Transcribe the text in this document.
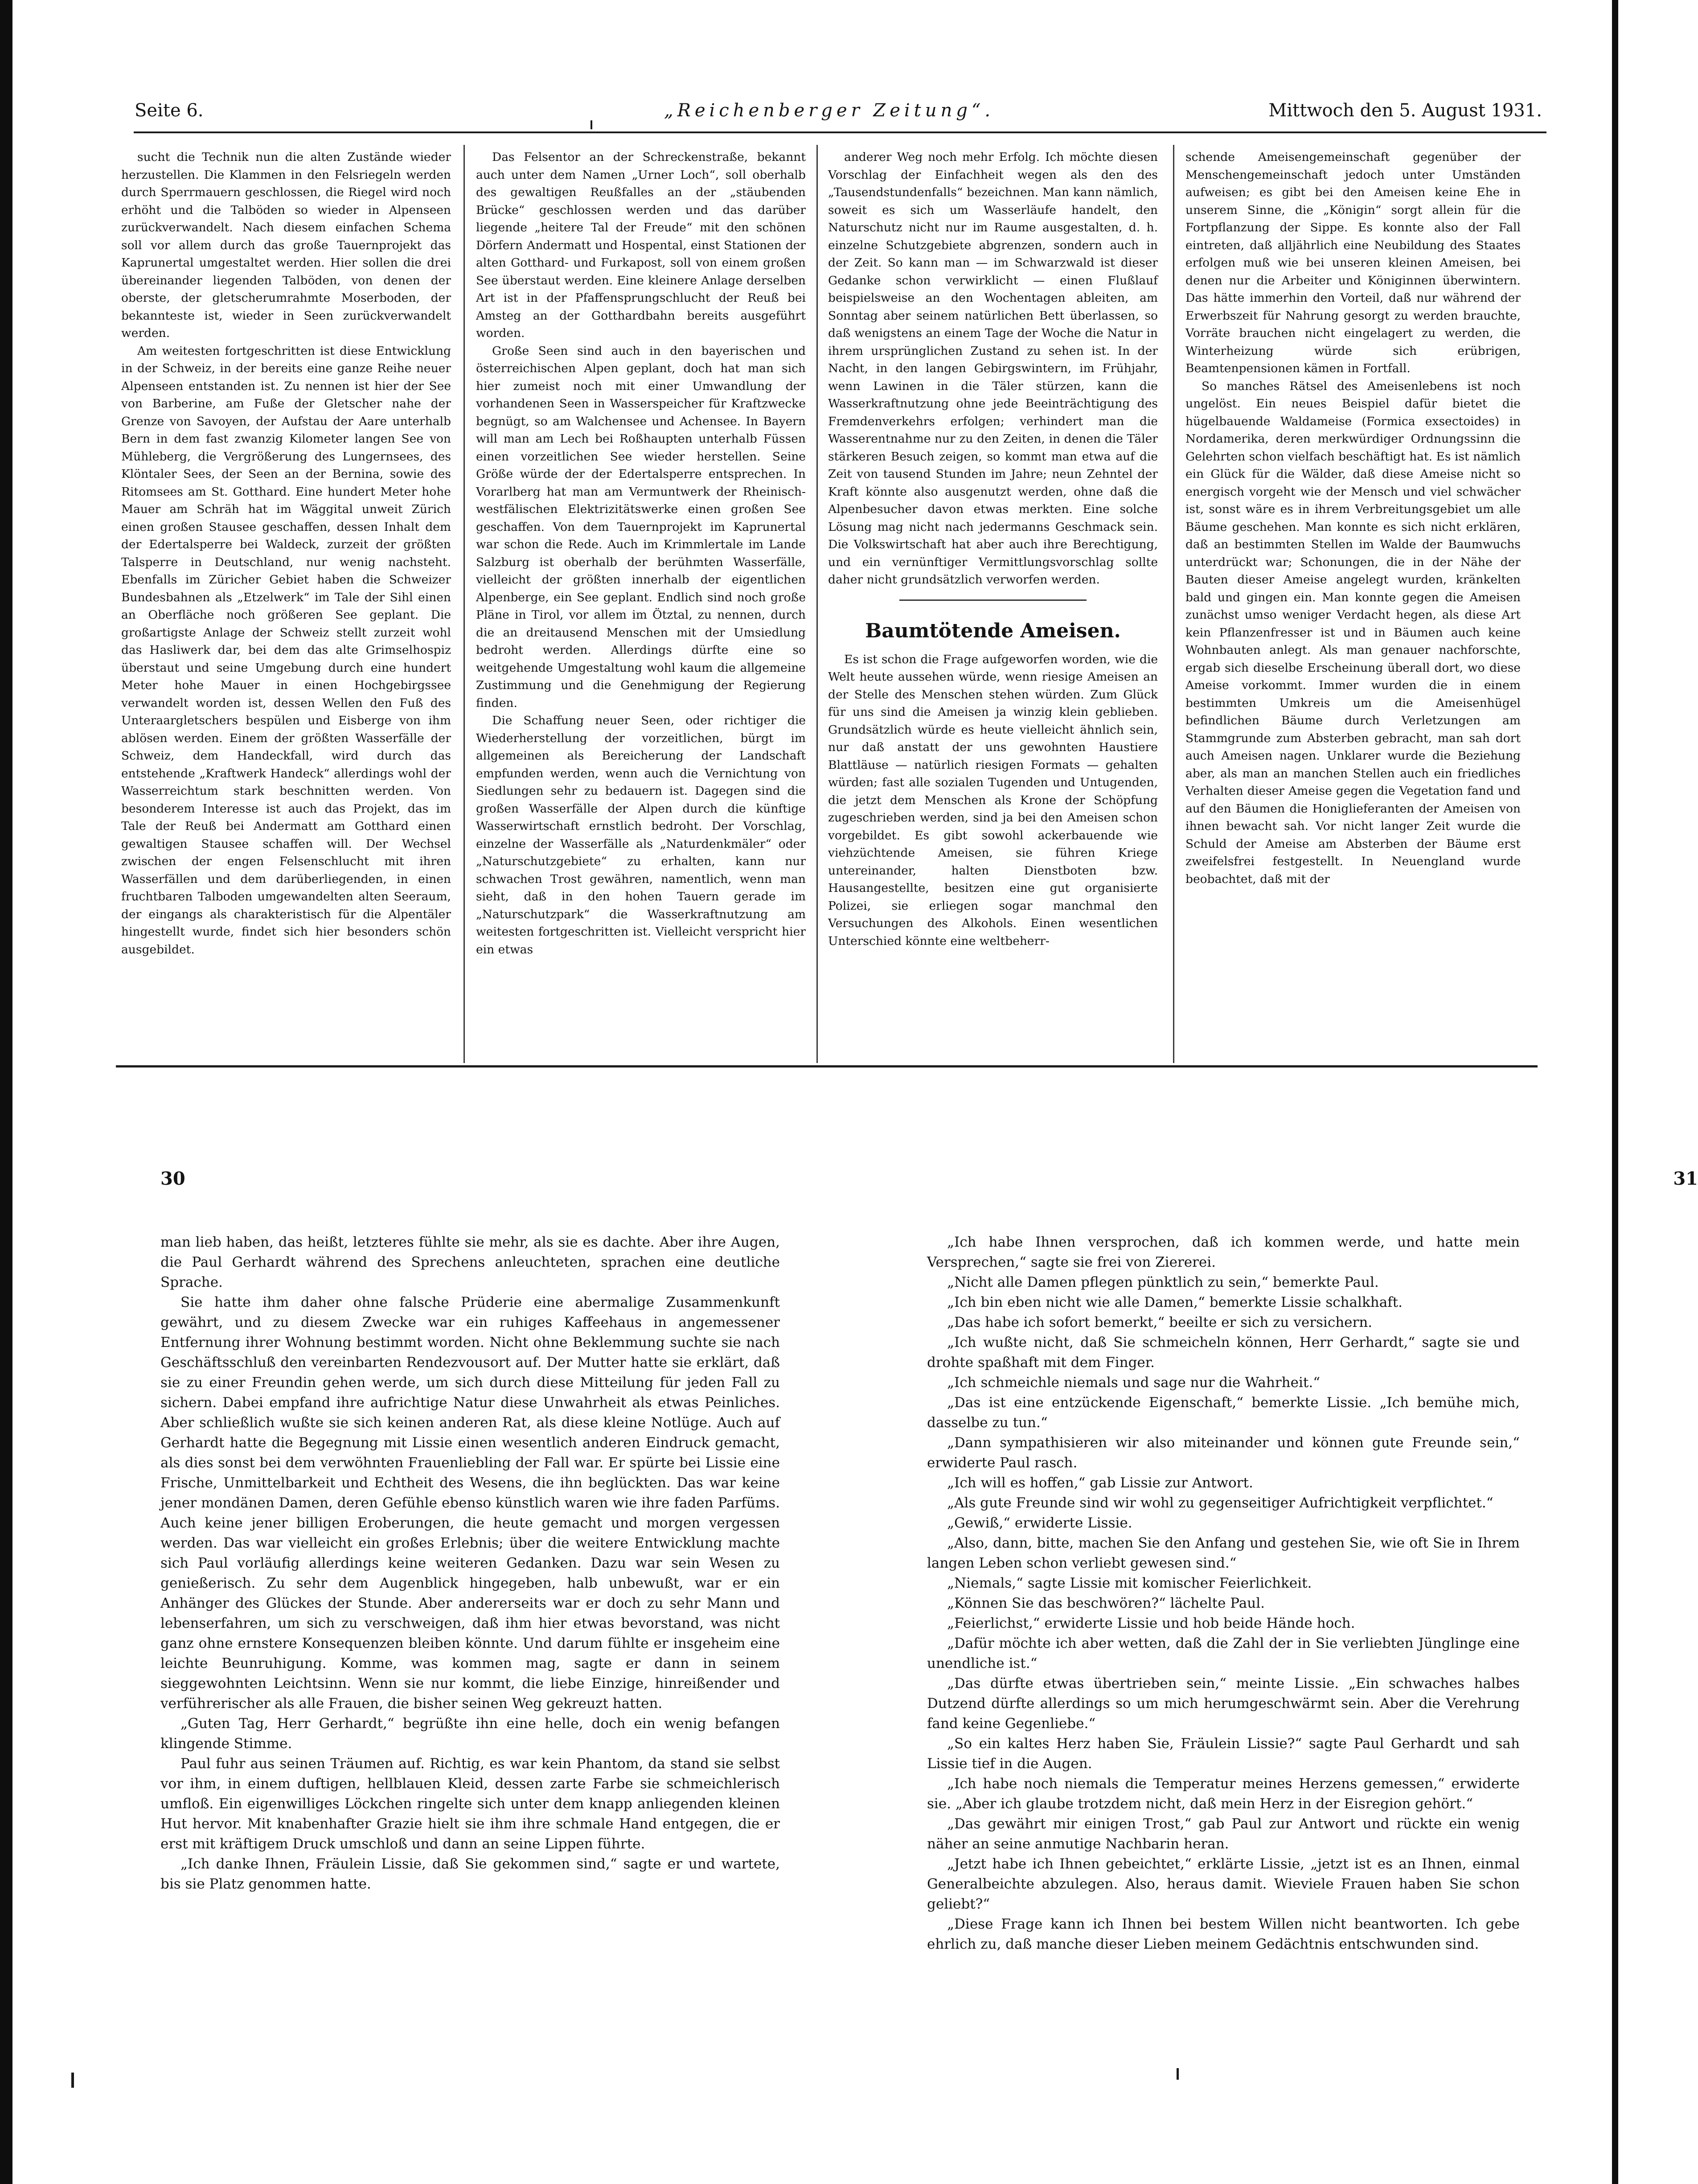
Seite 6.	„Reichenberger Zeitung“.	Mittwoch den 5. August 1931.

sucht die Technik nun die alten Zustände wieder herzustellen. Die Klammen in den Felsriegeln werden durch Sperrmauern geschlossen, die Riegel wird noch erhöht und die Talböden so wieder in Alpenseen zurückverwandelt. Nach diesem einfachen Schema soll vor allem durch das große Tauernprojekt das Kaprunertal umgestaltet werden. Hier sollen die drei übereinander liegenden Talböden, von denen der oberste, der gletscherumrahmte Moserboden, der bekannteste ist, wieder in Seen zurückverwandelt werden.

Am weitesten fortgeschritten ist diese Entwicklung in der Schweiz, in der bereits eine ganze Reihe neuer Alpenseen entstanden ist. Zu nennen ist hier der See von Barberine, am Fuße der Gletscher nahe der Grenze von Savoyen, der Aufstau der Aare unterhalb Bern in dem fast zwanzig Kilometer langen See von Mühleberg, die Vergrößerung des Lungernsees, des Klöntaler Sees, der Seen an der Bernina, sowie des Ritomsees am St. Gotthard. Eine hundert Meter hohe Mauer am Schräh hat im Wäggital unweit Zürich einen großen Stausee geschaffen, dessen Inhalt dem der Edertalsperre bei Waldeck, zurzeit der größten Talsperre in Deutschland, nur wenig nachsteht. Ebenfalls im Züricher Gebiet haben die Schweizer Bundesbahnen als „Etzelwerk“ im Tale der Sihl einen an Oberfläche noch größeren See geplant. Die großartigste Anlage der Schweiz stellt zurzeit wohl das Hasliwerk dar, bei dem das alte Grimselhospiz überstaut und seine Umgebung durch eine hundert Meter hohe Mauer in einen Hochgebirgssee verwandelt worden ist, dessen Wellen den Fuß des Unteraargletschers bespülen und Eisberge von ihm ablösen werden. Einem der größten Wasserfälle der Schweiz, dem Handeckfall, wird durch das entstehende „Kraftwerk Handeck“ allerdings wohl der Wasserreichtum stark beschnitten werden. Von besonderem Interesse ist auch das Projekt, das im Tale der Reuß bei Andermatt am Gotthard einen gewaltigen Stausee schaffen will. Der Wechsel zwischen der engen Felsenschlucht mit ihren Wasserfällen und dem darüberliegenden, in einen fruchtbaren Talboden umgewandelten alten Seeraum, der eingangs als charakteristisch für die Alpentäler hingestellt wurde, findet sich hier besonders schön ausgebildet.

Das Felsentor an der Schreckenstraße, bekannt auch unter dem Namen „Urner Loch“, soll oberhalb des gewaltigen Reußfalles an der „stäubenden Brücke“ geschlossen werden und das darüber liegende „heitere Tal der Freude“ mit den schönen Dörfern Andermatt und Hospental, einst Stationen der alten Gotthard- und Furkapost, soll von einem großen See überstaut werden. Eine kleinere Anlage derselben Art ist in der Pfaffensprungschlucht der Reuß bei Amsteg an der Gotthardbahn bereits ausgeführt worden.

Große Seen sind auch in den bayerischen und österreichischen Alpen geplant, doch hat man sich hier zumeist noch mit einer Umwandlung der vorhandenen Seen in Wasserspeicher für Kraftzwecke begnügt, so am Walchensee und Achensee. In Bayern will man am Lech bei Roßhaupten unterhalb Füssen einen vorzeitlichen See wieder herstellen. Seine Größe würde der der Edertalsperre entsprechen. In Vorarlberg hat man am Vermuntwerk der Rheinisch-westfälischen Elektrizitätswerke einen großen See geschaffen. Von dem Tauernprojekt im Kaprunertal war schon die Rede. Auch im Krimmlertale im Lande Salzburg ist oberhalb der berühmten Wasserfälle, vielleicht der größten innerhalb der eigentlichen Alpenberge, ein See geplant. Endlich sind noch große Pläne in Tirol, vor allem im Ötztal, zu nennen, durch die an dreitausend Menschen mit der Umsiedlung bedroht werden. Allerdings dürfte eine so weitgehende Umgestaltung wohl kaum die allgemeine Zustimmung und die Genehmigung der Regierung finden.

Die Schaffung neuer Seen, oder richtiger die Wiederherstellung der vorzeitlichen, bürgt im allgemeinen als Bereicherung der Landschaft empfunden werden, wenn auch die Vernichtung von Siedlungen sehr zu bedauern ist. Dagegen sind die großen Wasserfälle der Alpen durch die künftige Wasserwirtschaft ernstlich bedroht. Der Vorschlag, einzelne der Wasserfälle als „Naturdenkmäler“ oder „Naturschutzgebiete“ zu erhalten, kann nur schwachen Trost gewähren, namentlich, wenn man sieht, daß in den hohen Tauern gerade im „Naturschutzpark“ die Wasserkraftnutzung am weitesten fortgeschritten ist. Vielleicht verspricht hier ein etwas

anderer Weg noch mehr Erfolg. Ich möchte diesen Vorschlag der Einfachheit wegen als den des „Tausendstundenfalls“ bezeichnen. Man kann nämlich, soweit es sich um Wasserläufe handelt, den Naturschutz nicht nur im Raume ausgestalten, d. h. einzelne Schutzgebiete abgrenzen, sondern auch in der Zeit. So kann man — im Schwarzwald ist dieser Gedanke schon verwirklicht — einen Flußlauf beispielsweise an den Wochentagen ableiten, am Sonntag aber seinem natürlichen Bett überlassen, so daß wenigstens an einem Tage der Woche die Natur in ihrem ursprünglichen Zustand zu sehen ist. In der Nacht, in den langen Gebirgswintern, im Frühjahr, wenn Lawinen in die Täler stürzen, kann die Wasserkraftnutzung ohne jede Beeinträchtigung des Fremdenverkehrs erfolgen; verhindert man die Wasserentnahme nur zu den Zeiten, in denen die Täler stärkeren Besuch zeigen, so kommt man etwa auf die Zeit von tausend Stunden im Jahre; neun Zehntel der Kraft könnte also ausgenutzt werden, ohne daß die Alpenbesucher davon etwas merkten. Eine solche Lösung mag nicht nach jedermanns Geschmack sein. Die Volkswirtschaft hat aber auch ihre Berechtigung, und ein vernünftiger Vermittlungsvorschlag sollte daher nicht grundsätzlich verworfen werden.

Baumtötende Ameisen.

Es ist schon die Frage aufgeworfen worden, wie die Welt heute aussehen würde, wenn riesige Ameisen an der Stelle des Menschen stehen würden. Zum Glück für uns sind die Ameisen ja winzig klein geblieben. Grundsätzlich würde es heute vielleicht ähnlich sein, nur daß anstatt der uns gewohnten Haustiere Blattläuse — natürlich riesigen Formats — gehalten würden; fast alle sozialen Tugenden und Untugenden, die jetzt dem Menschen als Krone der Schöpfung zugeschrieben werden, sind ja bei den Ameisen schon vorgebildet. Es gibt sowohl ackerbauende wie viehzüchtende Ameisen, sie führen Kriege untereinander, halten Dienstboten bzw. Hausangestellte, besitzen eine gut organisierte Polizei, sie erliegen sogar manchmal den Versuchungen des Alkohols. Einen wesentlichen Unterschied könnte eine weltbeherr-

schende Ameisengemeinschaft gegenüber der Menschengemeinschaft jedoch unter Umständen aufweisen; es gibt bei den Ameisen keine Ehe in unserem Sinne, die „Königin“ sorgt allein für die Fortpflanzung der Sippe. Es konnte also der Fall eintreten, daß alljährlich eine Neubildung des Staates erfolgen muß wie bei unseren kleinen Ameisen, bei denen nur die Arbeiter und Königinnen überwintern. Das hätte immerhin den Vorteil, daß nur während der Erwerbszeit für Nahrung gesorgt zu werden brauchte, Vorräte brauchen nicht eingelagert zu werden, die Winterheizung würde sich erübrigen, Beamtenpensionen kämen in Fortfall.

So manches Rätsel des Ameisenlebens ist noch ungelöst. Ein neues Beispiel dafür bietet die hügelbauende Waldameise (Formica exsectoides) in Nordamerika, deren merkwürdiger Ordnungssinn die Gelehrten schon vielfach beschäftigt hat. Es ist nämlich ein Glück für die Wälder, daß diese Ameise nicht so energisch vorgeht wie der Mensch und viel schwächer ist, sonst wäre es in ihrem Verbreitungsgebiet um alle Bäume geschehen. Man konnte es sich nicht erklären, daß an bestimmten Stellen im Walde der Baumwuchs unterdrückt war; Schonungen, die in der Nähe der Bauten dieser Ameise angelegt wurden, kränkelten bald und gingen ein. Man konnte gegen die Ameisen zunächst umso weniger Verdacht hegen, als diese Art kein Pflanzenfresser ist und in Bäumen auch keine Wohnbauten anlegt. Als man genauer nachforschte, ergab sich dieselbe Erscheinung überall dort, wo diese Ameise vorkommt. Immer wurden die in einem bestimmten Umkreis um die Ameisenhügel befindlichen Bäume durch Verletzungen am Stammgrunde zum Absterben gebracht, man sah dort auch Ameisen nagen. Unklarer wurde die Beziehung aber, als man an manchen Stellen auch ein friedliches Verhalten dieser Ameise gegen die Vegetation fand und auf den Bäumen die Honiglieferanten der Ameisen von ihnen bewacht sah. Vor nicht langer Zeit wurde die Schuld der Ameise am Absterben der Bäume erst zweifelsfrei festgestellt. In Neuengland wurde beobachtet, daß mit der

30

man lieb haben, das heißt, letzteres fühlte sie mehr, als sie es dachte. Aber ihre Augen, die Paul Gerhardt während des Sprechens anleuchteten, sprachen eine deutliche Sprache.

Sie hatte ihm daher ohne falsche Prüderie eine abermalige Zusammenkunft gewährt, und zu diesem Zwecke war ein ruhiges Kaffeehaus in angemessener Entfernung ihrer Wohnung bestimmt worden. Nicht ohne Beklemmung suchte sie nach Geschäftsschluß den vereinbarten Rendezvousort auf. Der Mutter hatte sie erklärt, daß sie zu einer Freundin gehen werde, um sich durch diese Mitteilung für jeden Fall zu sichern. Dabei empfand ihre aufrichtige Natur diese Unwahrheit als etwas Peinliches. Aber schließlich wußte sie sich keinen anderen Rat, als diese kleine Notlüge. Auch auf Gerhardt hatte die Begegnung mit Lissie einen wesentlich anderen Eindruck gemacht, als dies sonst bei dem verwöhnten Frauenliebling der Fall war. Er spürte bei Lissie eine Frische, Unmittelbarkeit und Echtheit des Wesens, die ihn beglückten. Das war keine jener mondänen Damen, deren Gefühle ebenso künstlich waren wie ihre faden Parfüms. Auch keine jener billigen Eroberungen, die heute gemacht und morgen vergessen werden. Das war vielleicht ein großes Erlebnis; über die weitere Entwicklung machte sich Paul vorläufig allerdings keine weiteren Gedanken. Dazu war sein Wesen zu genießerisch. Zu sehr dem Augenblick hingegeben, halb unbewußt, war er ein Anhänger des Glückes der Stunde. Aber andererseits war er doch zu sehr Mann und lebenserfahren, um sich zu verschweigen, daß ihm hier etwas bevorstand, was nicht ganz ohne ernstere Konsequenzen bleiben könnte. Und darum fühlte er insgeheim eine leichte Beunruhigung. Komme, was kommen mag, sagte er dann in seinem sieggewohnten Leichtsinn. Wenn sie nur kommt, die liebe Einzige, hinreißender und verführerischer als alle Frauen, die bisher seinen Weg gekreuzt hatten.

„Guten Tag, Herr Gerhardt,“ begrüßte ihn eine helle, doch ein wenig befangen klingende Stimme.

Paul fuhr aus seinen Träumen auf. Richtig, es war kein Phantom, da stand sie selbst vor ihm, in einem duftigen, hellblauen Kleid, dessen zarte Farbe sie schmeichlerisch umfloß. Ein eigenwilliges Löckchen ringelte sich unter dem knapp anliegenden kleinen Hut hervor. Mit knabenhafter Grazie hielt sie ihm ihre schmale Hand entgegen, die er erst mit kräftigem Druck umschloß und dann an seine Lippen führte.

„Ich danke Ihnen, Fräulein Lissie, daß Sie gekommen sind,“ sagte er und wartete, bis sie Platz genommen hatte.

31

„Ich habe Ihnen versprochen, daß ich kommen werde, und hatte mein Versprechen,“ sagte sie frei von Ziererei.

„Nicht alle Damen pflegen pünktlich zu sein,“ bemerkte Paul.

„Ich bin eben nicht wie alle Damen,“ bemerkte Lissie schalkhaft.

„Das habe ich sofort bemerkt,“ beeilte er sich zu versichern.

„Ich wußte nicht, daß Sie schmeicheln können, Herr Gerhardt,“ sagte sie und drohte spaßhaft mit dem Finger.

„Ich schmeichle niemals und sage nur die Wahrheit.“

„Das ist eine entzückende Eigenschaft,“ bemerkte Lissie. „Ich bemühe mich, dasselbe zu tun.“

„Dann sympathisieren wir also miteinander und können gute Freunde sein,“ erwiderte Paul rasch.

„Ich will es hoffen,“ gab Lissie zur Antwort.

„Als gute Freunde sind wir wohl zu gegenseitiger Aufrichtigkeit verpflichtet.“

„Gewiß,“ erwiderte Lissie.

„Also, dann, bitte, machen Sie den Anfang und gestehen Sie, wie oft Sie in Ihrem langen Leben schon verliebt gewesen sind.“

„Niemals,“ sagte Lissie mit komischer Feierlichkeit.

„Können Sie das beschwören?“ lächelte Paul.

„Feierlichst,“ erwiderte Lissie und hob beide Hände hoch.

„Dafür möchte ich aber wetten, daß die Zahl der in Sie verliebten Jünglinge eine unendliche ist.“

„Das dürfte etwas übertrieben sein,“ meinte Lissie. „Ein schwaches halbes Dutzend dürfte allerdings so um mich herumgeschwärmt sein. Aber die Verehrung fand keine Gegenliebe.“

„So ein kaltes Herz haben Sie, Fräulein Lissie?“ sagte Paul Gerhardt und sah Lissie tief in die Augen.

„Ich habe noch niemals die Temperatur meines Herzens gemessen,“ erwiderte sie. „Aber ich glaube trotzdem nicht, daß mein Herz in der Eisregion gehört.“

„Das gewährt mir einigen Trost,“ gab Paul zur Antwort und rückte ein wenig näher an seine anmutige Nachbarin heran.

„Jetzt habe ich Ihnen gebeichtet,“ erklärte Lissie, „jetzt ist es an Ihnen, einmal Generalbeichte abzulegen. Also, heraus damit. Wieviele Frauen haben Sie schon geliebt?“

„Diese Frage kann ich Ihnen bei bestem Willen nicht beantworten. Ich gebe ehrlich zu, daß manche dieser Lieben meinem Gedächtnis entschwunden sind.
